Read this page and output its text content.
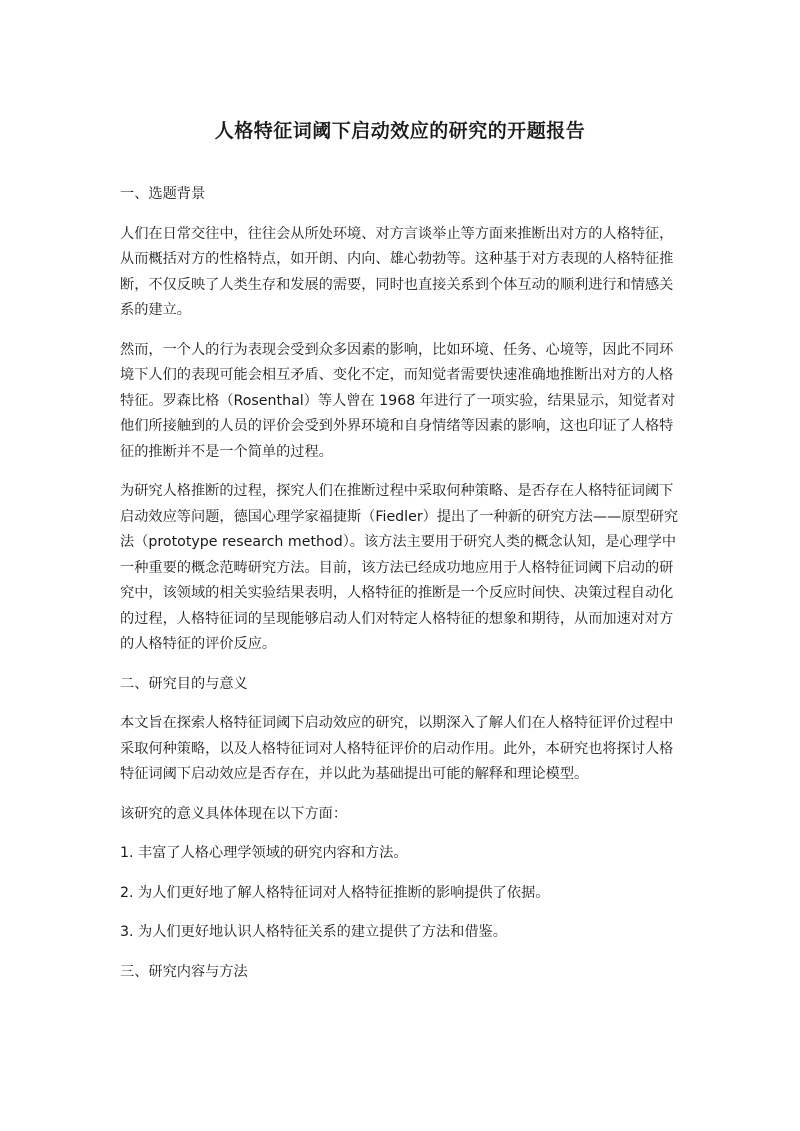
人格特征词阈下启动效应的研究的开题报告

一、选题背景

人们在日常交往中，往往会从所处环境、对方言谈举止等方面来推断出对方的人格特征，从而概括对方的性格特点，如开朗、内向、雄心勃勃等。这种基于对方表现的人格特征推断，不仅反映了人类生存和发展的需要，同时也直接关系到个体互动的顺利进行和情感关系的建立。

然而，一个人的行为表现会受到众多因素的影响，比如环境、任务、心境等，因此不同环境下人们的表现可能会相互矛盾、变化不定，而知觉者需要快速准确地推断出对方的人格特征。罗森比格（Rosenthal）等人曾在 1968 年进行了一项实验，结果显示，知觉者对他们所接触到的人员的评价会受到外界环境和自身情绪等因素的影响，这也印证了人格特征的推断并不是一个简单的过程。

为研究人格推断的过程，探究人们在推断过程中采取何种策略、是否存在人格特征词阈下启动效应等问题，德国心理学家福捷斯（Fiedler）提出了一种新的研究方法——原型研究法（prototype research method）。该方法主要用于研究人类的概念认知，是心理学中一种重要的概念范畴研究方法。目前，该方法已经成功地应用于人格特征词阈下启动的研究中，该领域的相关实验结果表明，人格特征的推断是一个反应时间快、决策过程自动化的过程，人格特征词的呈现能够启动人们对特定人格特征的想象和期待，从而加速对对方的人格特征的评价反应。

二、研究目的与意义

本文旨在探索人格特征词阈下启动效应的研究，以期深入了解人们在人格特征评价过程中采取何种策略，以及人格特征词对人格特征评价的启动作用。此外，本研究也将探讨人格特征词阈下启动效应是否存在，并以此为基础提出可能的解释和理论模型。

该研究的意义具体体现在以下方面：

1. 丰富了人格心理学领域的研究内容和方法。

2. 为人们更好地了解人格特征词对人格特征推断的影响提供了依据。

3. 为人们更好地认识人格特征关系的建立提供了方法和借鉴。

三、研究内容与方法
